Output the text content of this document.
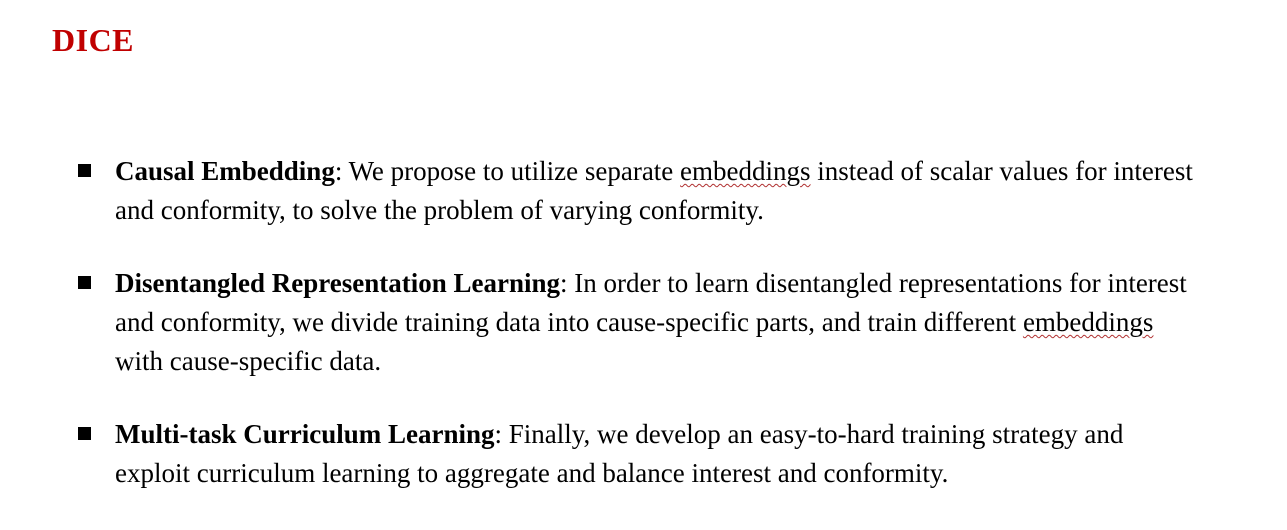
DICE
Causal Embedding: We propose to utilize separate embeddings instead of scalar values for interest and conformity, to solve the problem of varying conformity.
Disentangled Representation Learning: In order to learn disentangled representations for interest and conformity, we divide training data into cause-specific parts, and train different embeddings with cause-specific data.
Multi-task Curriculum Learning: Finally, we develop an easy-to-hard training strategy and exploit curriculum learning to aggregate and balance interest and conformity.
